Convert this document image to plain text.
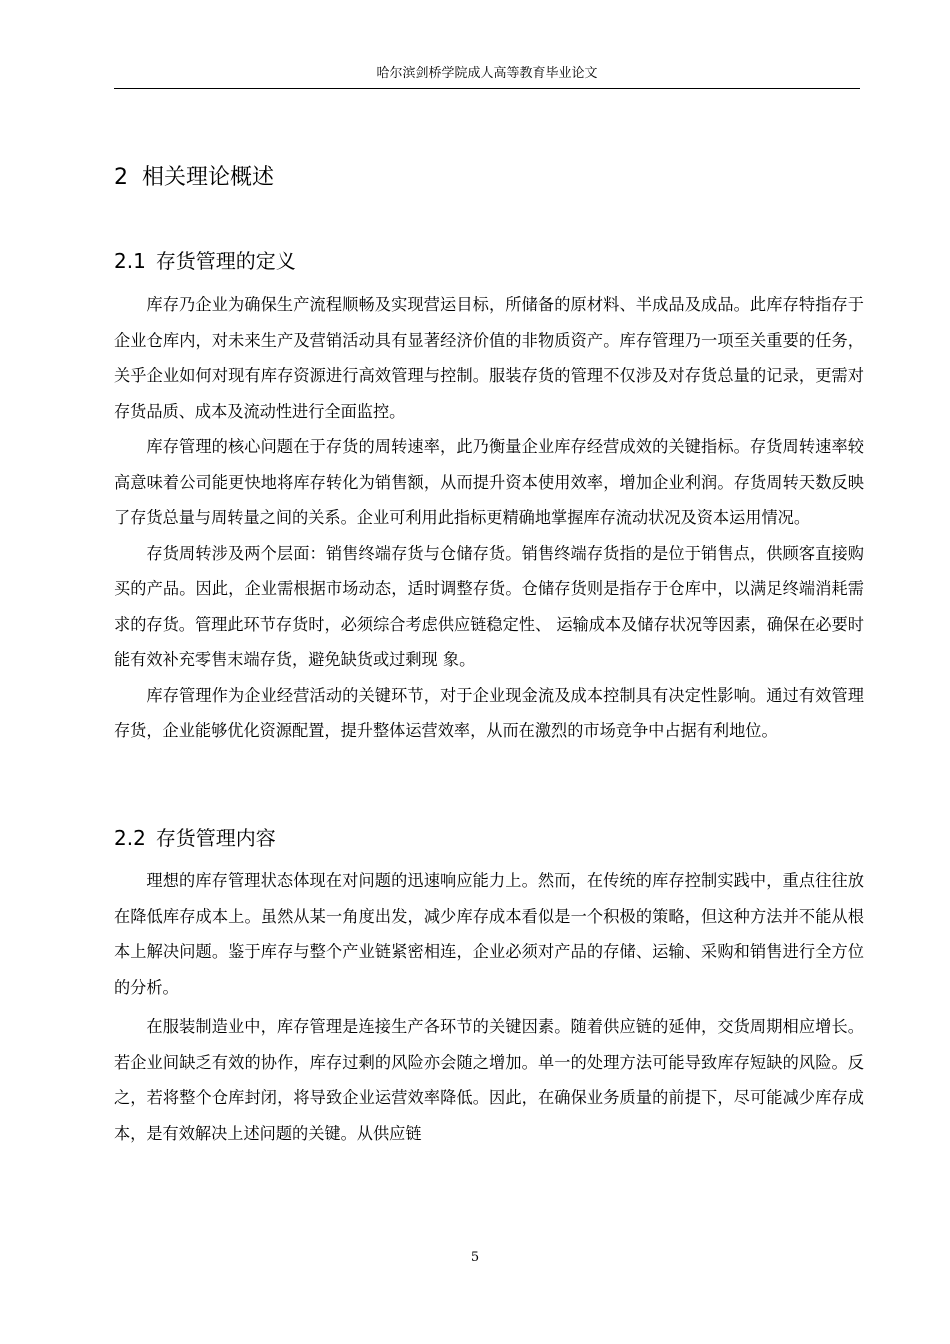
哈尔滨剑桥学院成人高等教育毕业论文
2 相关理论概述
2.1 存货管理的定义

库存乃企业为确保生产流程顺畅及实现营运目标，所储备的原材料、半成品及成品。此库存特指存于企业仓库内，对未来生产及营销活动具有显著经济价值的非物质资产。库存管理乃一项至关重要的任务，关乎企业如何对现有库存资源进行高效管理与控制。服装存货的管理不仅涉及对存货总量的记录，更需对存货品质、成本及流动性进行全面监控。

库存管理的核心问题在于存货的周转速率，此乃衡量企业库存经营成效的关键指标。存货周转速率较高意味着公司能更快地将库存转化为销售额，从而提升资本使用效率，增加企业利润。存货周转天数反映了存货总量与周转量之间的关系。企业可利用此指标更精确地掌握库存流动状况及资本运用情况。

存货周转涉及两个层面：销售终端存货与仓储存货。销售终端存货指的是位于销售点，供顾客直接购买的产品。因此，企业需根据市场动态，适时调整存货。仓储存货则是指存于仓库中，以满足终端消耗需求的存货。管理此环节存货时，必须综合考虑供应链稳定性、 运输成本及储存状况等因素，确保在必要时能有效补充零售末端存货，避免缺货或过剩现 象。

库存管理作为企业经营活动的关键环节，对于企业现金流及成本控制具有决定性影响。通过有效管理存货，企业能够优化资源配置，提升整体运营效率，从而在激烈的市场竞争中占据有利地位。

2.2 存货管理内容

理想的库存管理状态体现在对问题的迅速响应能力上。然而，在传统的库存控制实践中，重点往往放在降低库存成本上。虽然从某一角度出发，减少库存成本看似是一个积极的策略，但这种方法并不能从根本上解决问题。鉴于库存与整个产业链紧密相连，企业必须对产品的存储、运输、采购和销售进行全方位的分析。

在服装制造业中，库存管理是连接生产各环节的关键因素。随着供应链的延伸，交货周期相应增长。若企业间缺乏有效的协作，库存过剩的风险亦会随之增加。单一的处理方法可能导致库存短缺的风险。反之，若将整个仓库封闭，将导致企业运营效率降低。因此，在确保业务质量的前提下，尽可能减少库存成本，是有效解决上述问题的关键。从供应链

5
